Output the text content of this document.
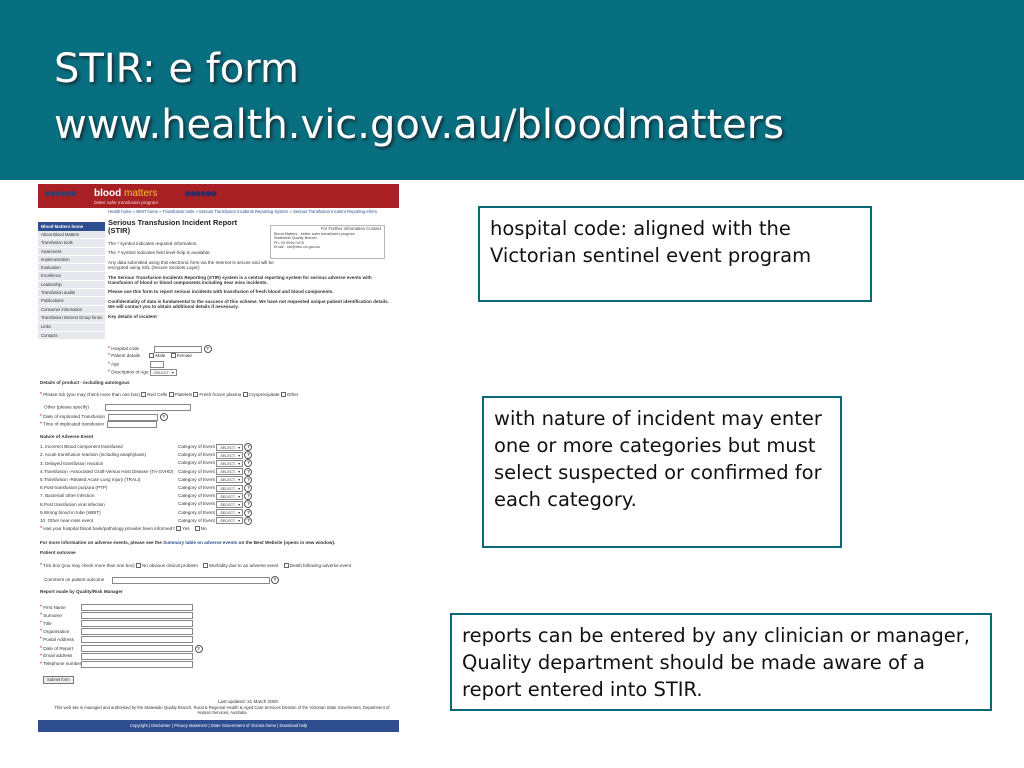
STIR: e form
www.health.vic.gov.au/bloodmatters
●●●●●● blood matters
better safer transfusion program
●●●●●●
Blood Matters home
About Blood Matters
Transfusion tools
Awareness
Implementation
Evaluation
Excellence
Leadership
Transfusion audits
Publications
Consumer information
Transfusion Interest Group forum
Links
Contacts
Health home » BMIT home » Transfusion tools » Serious Transfusion Incidents Reporting System » Serious Transfusion Incident Reporting eform
Serious Transfusion Incident Report (STIR)	For Further Information Contact
Blood Matters - better safer transfusion program
Statewide Quality Branch
Ph: 03 9096 0476
Email - stir@dhs.vic.gov.au
The * symbol indicates required information.
The ? symbol indicates field level help is available.
Any data submitted using this electronic form via the Internet is secure and will be encrypted using SSL (Secure Sockets Layer)
The Serious Transfusion Incidents Reporting (STIR) system is a central reporting system for serious adverse events with transfusion of blood or blood components including near miss incidents.
Please use this form to report serious incidents with transfusion of fresh blood and blood components.
Confidentiality of data is fundamental to the success of this scheme. We have not requested unique patient identification details. We will contact you to obtain additional details if necessary.
Key details of incident
* Hospital code	?
* Patient details	Male Female
* Age
* Description of Age -SELECT- ▾
Details of product - including autologous
* Please tick (you may check more than one box) Red Cells Platelets Fresh frozen plasma Cryoprecipitate Other
Other (please specify)
* Date of implicated Transfusion	?
* Time of implicated transfusion
Nature of Adverse Event
1. Incorrect Blood component transfused	Category of Event -SELECT- ▾ ?
2. Acute transfusion reaction (including anaphylaxis)	Category of Event -SELECT- ▾ ?
3. Delayed transfusion reaction	Category of Event -SELECT- ▾ ?
4.Transfusion -Associated Graft-Versus Host Disease (TA-GVHD) Category of Event -SELECT- ▾ ?
5.Transfusion -Related Acute Lung Injury (TRALI)	Category of Event -SELECT- ▾ ?
6.Post-transfusion purpura (PTP)	Category of Event -SELECT- ▾ ?
7. Bacterial/ other infection	Category of Event -SELECT- ▾ ?
8.Post transfusion viral infection	Category of Event -SELECT- ▾ ?
9.Wrong blood in tube (WBIT)	Category of Event -SELECT- ▾ ?
10. Other near-miss event	Category of Event -SELECT- ▾ ?
* Has your hospital blood bank/pathology provider been informed? Yes No
For more information on adverse events, please see the Summary table on adverse events on the Best Website (opens in new window).
Patient outcome
* Tick box (you may check more than one box) No obvious clinical problem Morbidity due to an adverse event Death following adverse event
Comment on patient outcome	?
Report made by Quality/Risk Manager
* First Name
* Surname
* Title
* Organisation
* Postal Address
* Date of Report	?
* Email address
* Telephone number
Submit form
Last updated: 31 March 2009
This web site is managed and authorised by the Statewide Quality Branch, Rural & Regional Health & Aged Care Services Division of the Victorian State Government, Department of Human Services, Australia
Copyright | Disclaimer | Privacy statement | State Government of Victoria home | Download help
hospital code: aligned with the Victorian sentinel event program
with nature of incident may enter one or more categories but must select suspected or confirmed for each category.
reports can be entered by any clinician or manager, Quality department should be made aware of a report entered into STIR.
